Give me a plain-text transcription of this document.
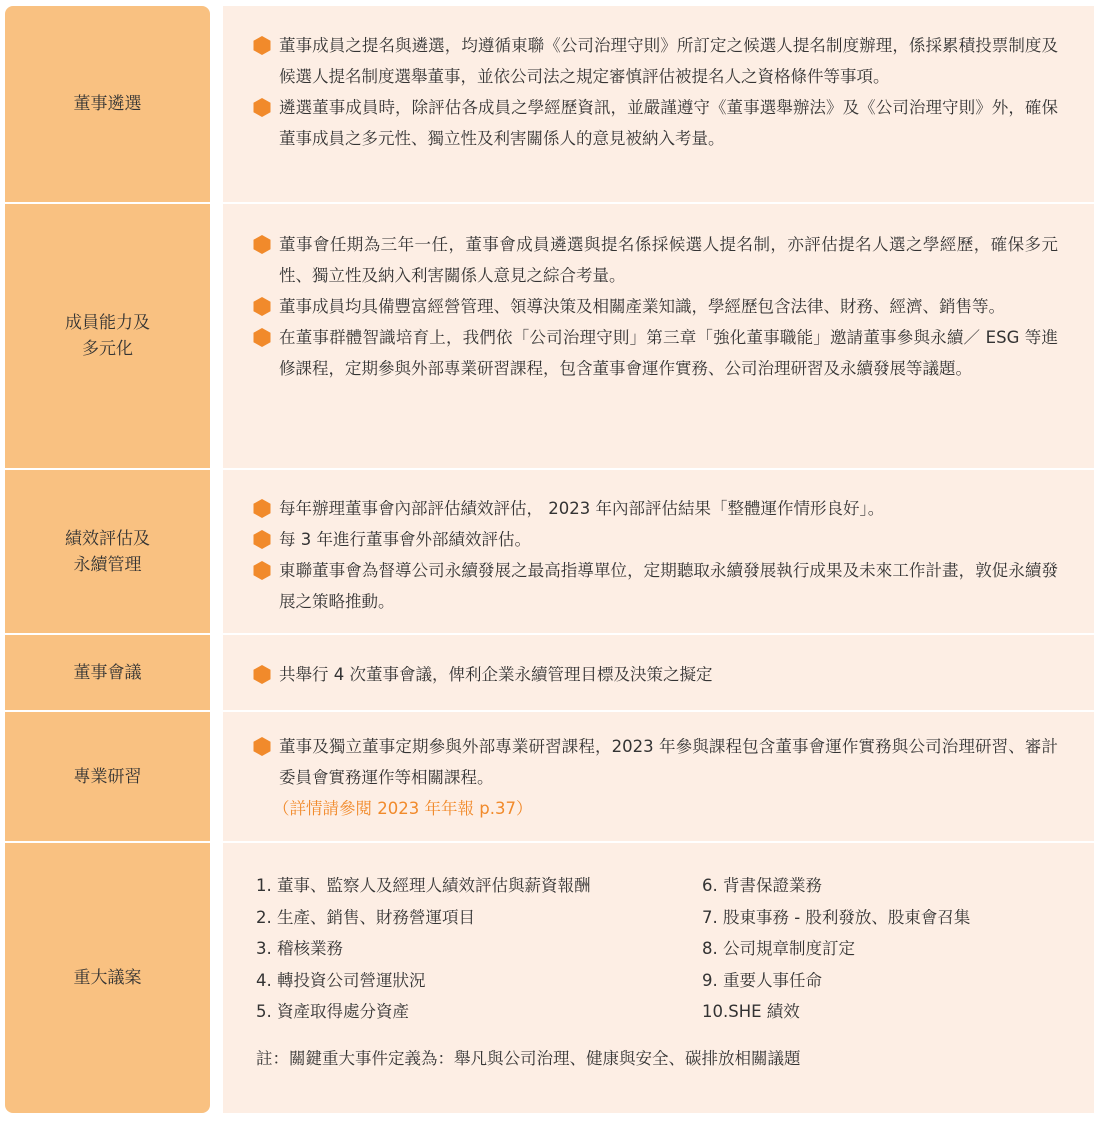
董事遴選
成員能力及
多元化
績效評估及
永續管理
董事會議
專業研習
重大議案
董事成員之提名與遴選，均遵循東聯《公司治理守則》所訂定之候選人提名制度辦理，係採累積投票制度及候選人提名制度選舉董事，並依公司法之規定審慎評估被提名人之資格條件等事項。
遴選董事成員時，除評估各成員之學經歷資訊，並嚴謹遵守《董事選舉辦法》及《公司治理守則》外，確保董事成員之多元性、獨立性及利害關係人的意見被納入考量。
董事會任期為三年一任，董事會成員遴選與提名係採候選人提名制，亦評估提名人選之學經歷，確保多元性、獨立性及納入利害關係人意見之綜合考量。
董事成員均具備豐富經營管理、領導決策及相關產業知識，學經歷包含法律、財務、經濟、銷售等。
在董事群體智識培育上，我們依「公司治理守則」第三章「強化董事職能」邀請董事參與永續／ ESG 等進修課程，定期參與外部專業研習課程，包含董事會運作實務、公司治理研習及永續發展等議題。
每年辦理董事會內部評估績效評估， 2023 年內部評估結果「整體運作情形良好」。
每 3 年進行董事會外部績效評估。
東聯董事會為督導公司永續發展之最高指導單位，定期聽取永續發展執行成果及未來工作計畫，敦促永續發展之策略推動。
共舉行 4 次董事會議，俾利企業永續管理目標及決策之擬定
董事及獨立董事定期參與外部專業研習課程，2023 年參與課程包含董事會運作實務與公司治理研習、審計委員會實務運作等相關課程。
（詳情請參閱 2023 年年報 p.37）
1. 董事、監察人及經理人績效評估與薪資報酬
2. 生產、銷售、財務營運項目
3. 稽核業務
4. 轉投資公司營運狀況
5. 資產取得處分資產
6. 背書保證業務
7. 股東事務 - 股利發放、股東會召集
8. 公司規章制度訂定
9. 重要人事任命
10.SHE 績效
註：關鍵重大事件定義為：舉凡與公司治理、健康與安全、碳排放相關議題
